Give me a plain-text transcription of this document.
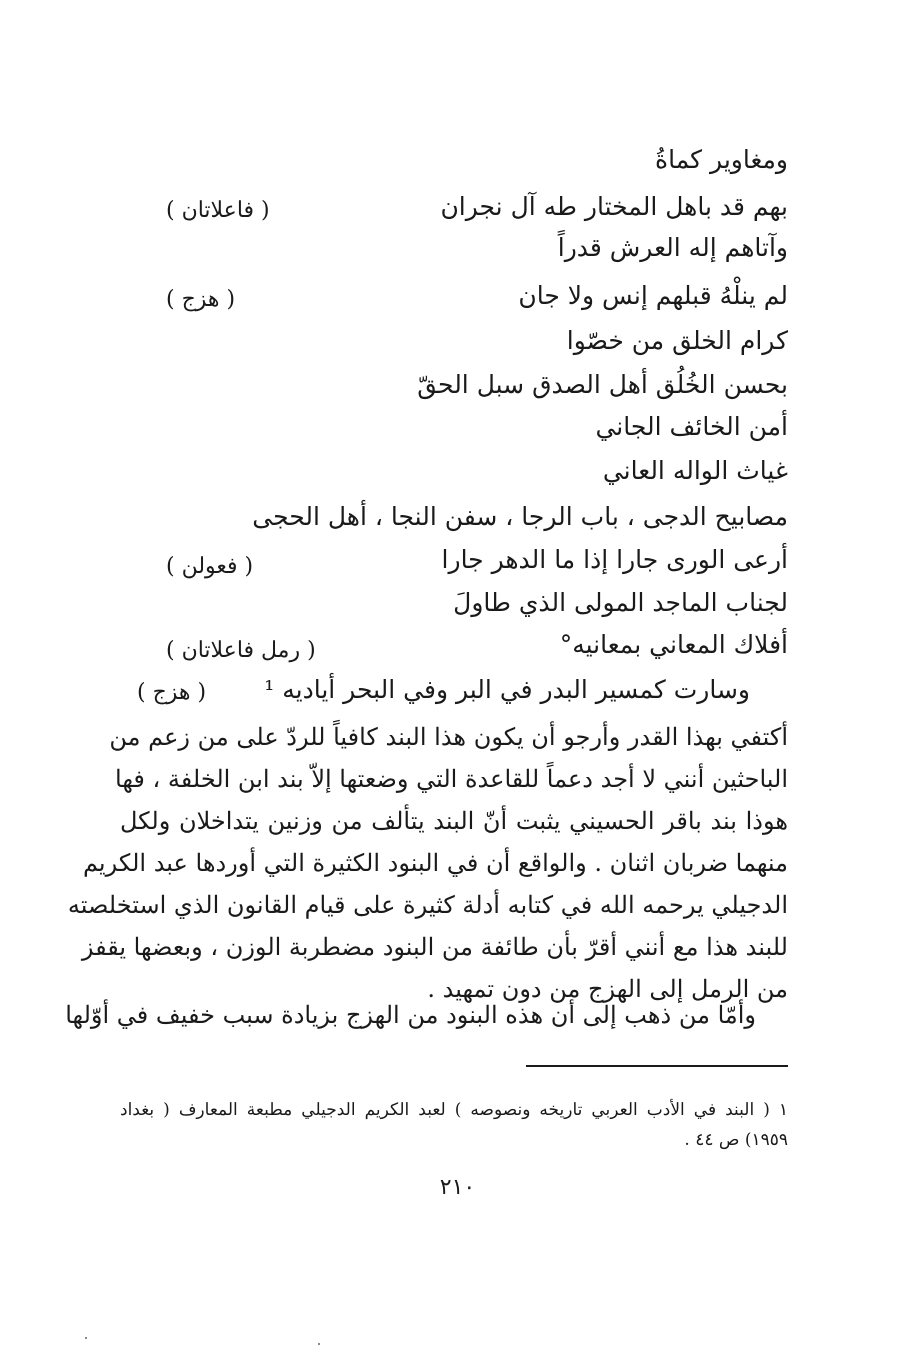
ومغاوير كماةُ
بهم قد باهل المختار طه آل نجران
( فاعلاتان )
وآتاهم إله العرش قدراً
لم ينلْهُ قبلهم إنس ولا جان
( هزج )
كرام الخلق من خصّوا
بحسن الخُلُق أهل الصدق سبل الحقّ
أمن الخائف الجاني
غياث الواله العاني
مصابيح الدجى ، باب الرجا ، سفن النجا ، أهل الحجى
أرعى الورى جارا إذا ما الدهر جارا
( فعولن )
لجناب الماجد المولى الذي طاولَ
أفلاك المعاني بمعانيه°
( رمل فاعلاتان )
وسارت كمسير البدر في البر وفي البحر أياديه ¹
( هزج )
أكتفي بهذا القدر وأرجو أن يكون هذا البند كافياً للردّ على من زعم من
الباحثين أنني لا أجد دعماً للقاعدة التي وضعتها إلاّ بند ابن الخلفة ، فها
هوذا بند باقر الحسيني يثبت أنّ البند يتألف من وزنين يتداخلان ولكل
منهما ضربان اثنان . والواقع أن في البنود الكثيرة التي أوردها عبد الكريم
الدجيلي يرحمه الله في كتابه أدلة كثيرة على قيام القانون الذي استخلصته
للبند هذا مع أنني أقرّ بأن طائفة من البنود مضطربة الوزن ، وبعضها يقفز
من الرمل إلى الهزج من دون تمهيد .
وأمّا من ذهب إلى أن هذه البنود من الهزج بزيادة سبب خفيف في أوّلها
١ ( البند في الأدب العربي تاريخه ونصوصه ) لعبد الكريم الدجيلي مطبعة المعارف ( بغداد
١٩٥٩) ص ٤٤ .
٢١٠
